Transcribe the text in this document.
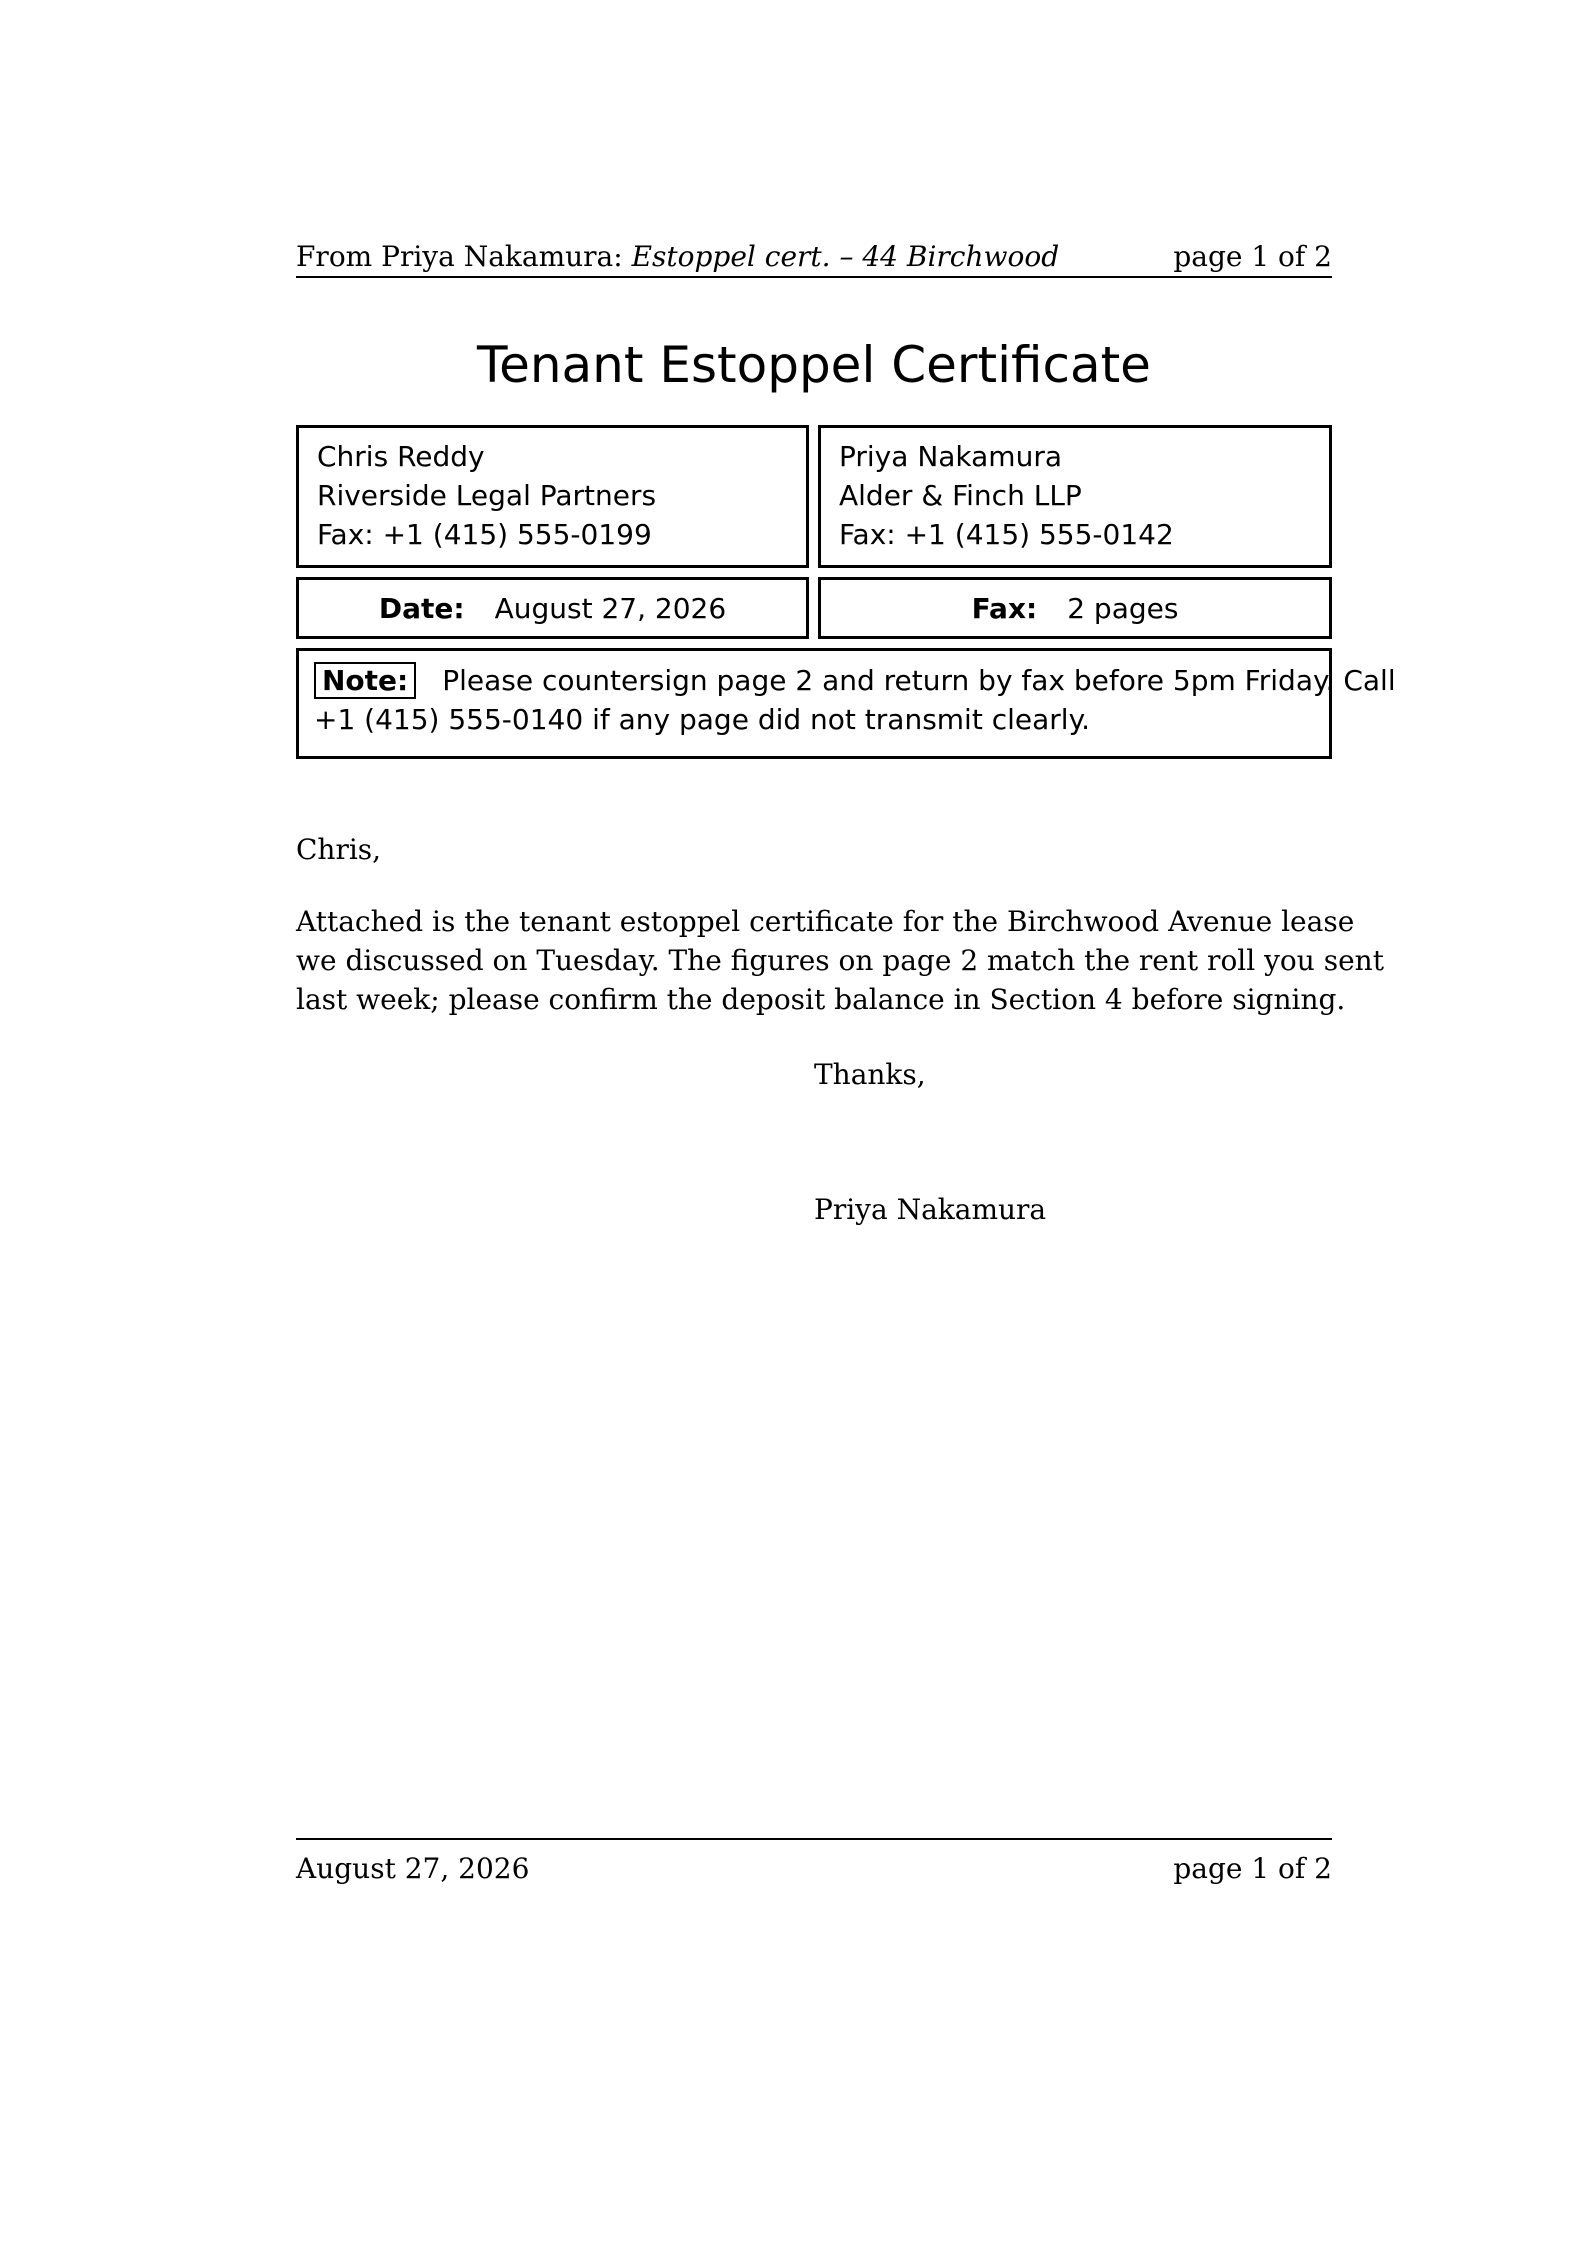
From Priya Nakamura: Estoppel cert. – 44 Birchwood	page 1 of 2
Tenant Estoppel Certificate
Chris Reddy
Riverside Legal Partners
Fax: +1 (415) 555-0199
Priya Nakamura
Alder & Finch LLP
Fax: +1 (415) 555-0142
Date: August 27, 2026	Fax: 2 pages
Note: Please countersign page 2 and return by fax before 5pm Friday. Call
+1 (415) 555-0140 if any page did not transmit clearly.
Chris,
Attached is the tenant estoppel certificate for the Birchwood Avenue lease
we discussed on Tuesday. The figures on page 2 match the rent roll you sent
last week; please confirm the deposit balance in Section 4 before signing.
Thanks,
Priya Nakamura
August 27, 2026	page 1 of 2
